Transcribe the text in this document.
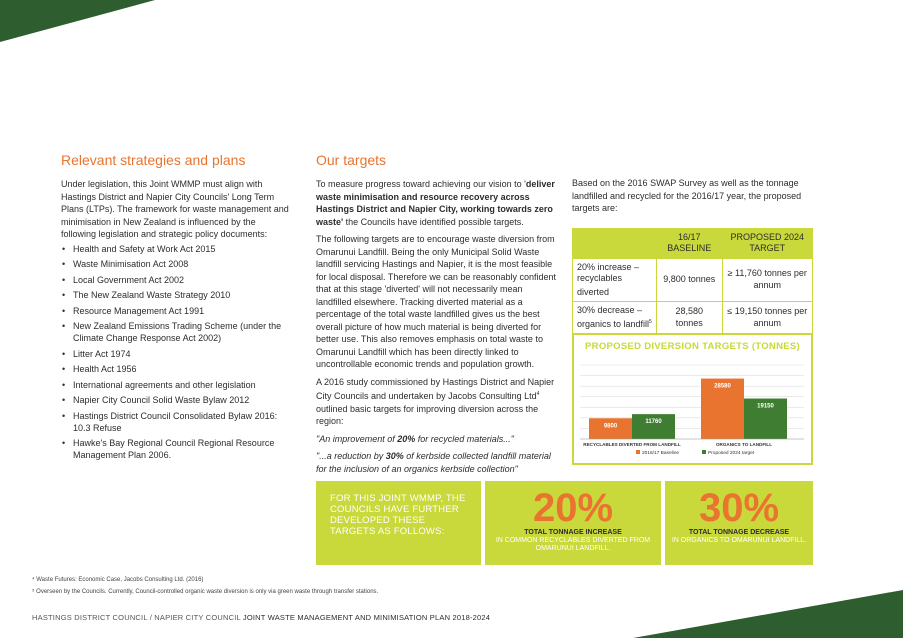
Relevant strategies and plans

Under legislation, this Joint WMMP must align with Hastings District and Napier City Councils' Long Term Plans (LTPs). The framework for waste management and minimisation in New Zealand is influenced by the following legislation and strategic policy documents:

• Health and Safety at Work Act 2015
• Waste Minimisation Act 2008
• Local Government Act 2002
• The New Zealand Waste Strategy 2010
• Resource Management Act 1991
• New Zealand Emissions Trading Scheme (under the Climate Change Response Act 2002)
• Litter Act 1974
• Health Act 1956
• International agreements and other legislation
• Napier City Council Solid Waste Bylaw 2012
• Hastings District Council Consolidated Bylaw 2016: 10.3 Refuse
• Hawke's Bay Regional Council Regional Resource Management Plan 2006.
Our targets

To measure progress toward achieving our vision to 'deliver waste minimisation and resource recovery across Hastings District and Napier City, working towards zero waste' the Councils have identified possible targets.

The following targets are to encourage waste diversion from Omarunui Landfill. Being the only Municipal Solid Waste landfill servicing Hastings and Napier, it is the most feasible for local disposal. Therefore we can be reasonably confident that at this stage 'diverted' will not necessarily mean landfilled elsewhere. Tracking diverted material as a percentage of the total waste landfilled gives us the best overall picture of how much material is being diverted for better use. This also removes emphasis on total waste to Omarunui Landfill which has been directly linked to uncontrollable economic trends and population growth.

A 2016 study commissioned by Hastings District and Napier City Councils and undertaken by Jacobs Consulting Ltd$^4$ outlined basic targets for improving diversion across the region:

"An improvement of 20% for recycled materials..."

"...a reduction by 30% of kerbside collected landfill material for the inclusion of an organics kerbside collection"

Based on the 2016 SWAP Survey as well as the tonnage landfilled and recycled for the 2016/17 year, the proposed targets are:

	16/17 BASELINE	PROPOSED 2024 TARGET
20% increase – recyclables diverted	9,800 tonnes	≥ 11,760 tonnes per annum
30% decrease – organics to landfill$^5$	28,580 tonnes	≤ 19,150 tonnes per annum
PROPOSED DIVERSION TARGETS (TONNES)
9800
28580
11760
19150
RECYCLABLES DIVERTED FROM LANDFILL	ORGANICS TO LANDFILL
2016/17 Baseline	Proposed 2024 target
FOR THIS JOINT WMMP, THE COUNCILS HAVE FURTHER DEVELOPED THESE TARGETS AS FOLLOWS:
20%
TOTAL TONNAGE INCREASE
IN COMMON RECYCLABLES DIVERTED FROM OMARUNUI LANDFILL.
30%
TOTAL TONNAGE DECREASE
IN ORGANICS TO OMARUNUI LANDFILL.
⁴ Waste Futures: Economic Case, Jacobs Consulting Ltd. (2016)
⁵ Overseen by the Councils. Currently, Council-controlled organic waste diversion is only via green waste through transfer stations.
HASTINGS DISTRICT COUNCIL / NAPIER CITY COUNCIL JOINT WASTE MANAGEMENT AND MINIMISATION PLAN 2018-2024
